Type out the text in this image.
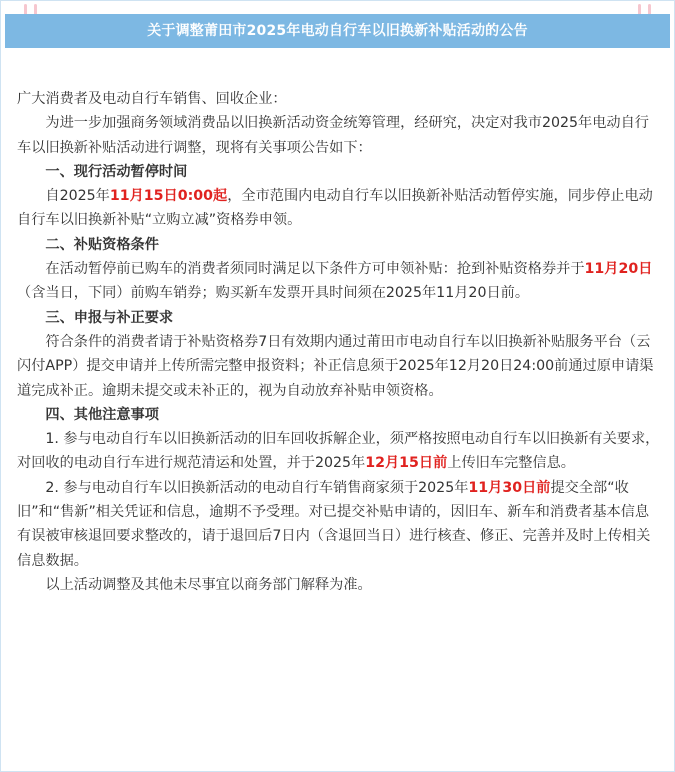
关于调整莆田市2025年电动自行车以旧换新补贴活动的公告

广大消费者及电动自行车销售、回收企业：

为进一步加强商务领域消费品以旧换新活动资金统筹管理，经研究，决定对我市2025年电动自行车以旧换新补贴活动进行调整，现将有关事项公告如下：

一、现行活动暂停时间

自2025年11月15日0:00起，全市范围内电动自行车以旧换新补贴活动暂停实施，同步停止电动自行车以旧换新补贴“立购立减”资格券申领。

二、补贴资格条件

在活动暂停前已购车的消费者须同时满足以下条件方可申领补贴：抢到补贴资格券并于11月20日（含当日，下同）前购车销券；购买新车发票开具时间须在2025年11月20日前。

三、申报与补正要求

符合条件的消费者请于补贴资格券7日有效期内通过莆田市电动自行车以旧换新补贴服务平台（云闪付APP）提交申请并上传所需完整申报资料；补正信息须于2025年12月20日24:00前通过原申请渠道完成补正。逾期未提交或未补正的，视为自动放弃补贴申领资格。

四、其他注意事项

1. 参与电动自行车以旧换新活动的旧车回收拆解企业，须严格按照电动自行车以旧换新有关要求，对回收的电动自行车进行规范清运和处置，并于2025年12月15日前上传旧车完整信息。

2. 参与电动自行车以旧换新活动的电动自行车销售商家须于2025年11月30日前提交全部“收旧”和“售新”相关凭证和信息，逾期不予受理。对已提交补贴申请的，因旧车、新车和消费者基本信息有误被审核退回要求整改的，请于退回后7日内（含退回当日）进行核查、修正、完善并及时上传相关信息数据。

以上活动调整及其他未尽事宜以商务部门解释为准。
